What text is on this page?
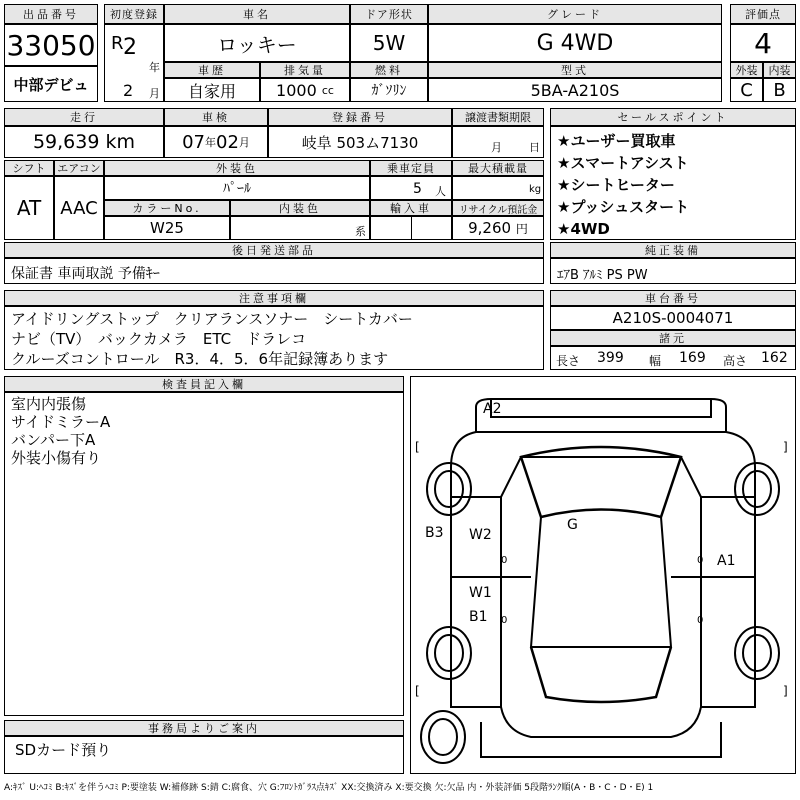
出品番号
33050
中部デビュ
初度登録
R 2
年
2 月
車名
ロッキー
ドア形状
5W
グレード
G 4WD
評価点
4
車歴
自家用
排気量
1000
cc
燃料
ｶﾞｿﾘﾝ
型式
5BA-A210S
外装 内装
C B
走行
59,639
km
車検
07 年 02 月
登録番号
岐阜 503ム7130
譲渡書類期限
月 日
シフト エアコン
AT AAC
外装色
ﾊﾟｰﾙ
乗車定員
5 人
最大積載量
kg
カラーNo.
W25
内装色
系
輸入車	リサイクル預託金
9,260
円
後日発送部品
保証書 車両取説 予備ｷｰ
セールスポイント
★ユーザー買取車
★スマートアシスト
★シートヒーター
★プッシュスタート
★4WD
純正装備
ｴｱB ｱﾙﾐ PS PW
注意事項欄
アイドリングストップ　クリアランスソナー　シートカバー
ナビ（TV）　バックカメラ　ETC　ドラレコ
クルーズコントロール　R3．4．5．6年記録簿あります
車台番号
A210S-0004071
諸元
長さ 399 幅 169 高さ 162
検査員記入欄
室内内張傷
サイドミラーA
バンパー下A
外装小傷有り
事務局よりご案内
SDカード預り
[	]
[	]
0	0
0	0
A2
G
B3 W2
A1
W1
B1
A:ｷｽﾞ U:ﾍｺﾐ B:ｷｽﾞを伴うﾍｺﾐ P:要塗装 W:補修跡 S:錆 C:腐食、穴 G:ﾌﾛﾝﾄｶﾞﾗｽ点ｷｽﾞ XX:交換済み X:要交換 欠:欠品 内・外装評価 5段階ﾗﾝｸ順(A・B・C・D・E) 1
